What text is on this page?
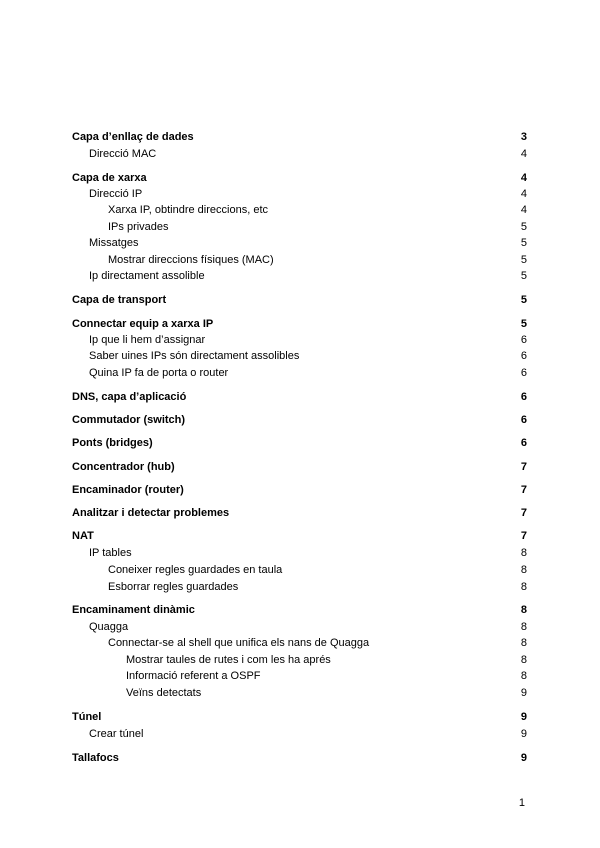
Capa d’enllaç de dades	3
Direcció MAC	4
Capa de xarxa	4
Direcció IP	4
Xarxa IP, obtindre direccions, etc	4
IPs privades	5
Missatges	5
Mostrar direccions físiques (MAC)	5
Ip directament assolible	5
Capa de transport	5
Connectar equip a xarxa IP	5
Ip que li hem d’assignar	6
Saber uines IPs són directament assolibles	6
Quina IP fa de porta o router	6
DNS, capa d’aplicació	6
Commutador (switch)	6
Ponts (bridges)	6
Concentrador (hub)	7
Encaminador (router)	7
Analitzar i detectar problemes	7
NAT	7
IP tables	8
Coneixer regles guardades en taula	8
Esborrar regles guardades	8
Encaminament dinàmic	8
Quagga	8
Connectar-se al shell que unifica els nans de Quagga	8
Mostrar taules de rutes i com les ha aprés	8
Informació referent a OSPF	8
Veïns detectats	9
Túnel	9
Crear túnel	9
Tallafocs	9
1
